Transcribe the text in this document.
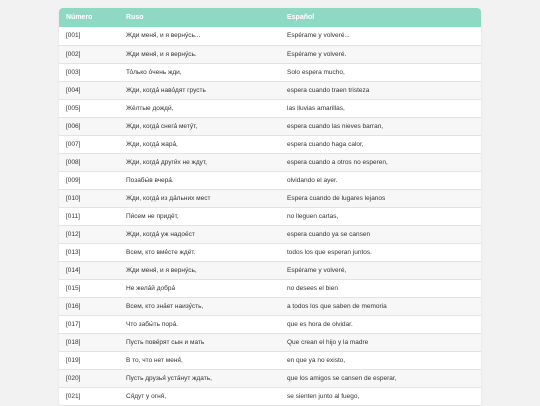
Número	Ruso	Español
[001]	Жди меня́, и я верну́сь...	Espérame y volveré...
[002]	Жди меня́, и я верну́сь.	Espérame y volveré.
[003]	То́лько о́чень жди,	Solo espera mucho,
[004]	Жди, когда́ наво́дят грусть	espera cuando traen tristeza
[005]	Жёлтые дожди́,	las lluvias amarillas,
[006]	Жди, когда́ снега́ мету́т,	espera cuando las nieves barran,
[007]	Жди, когда́ жара́,	espera cuando haga calor,
[008]	Жди, когда́ други́х не ждут,	espera cuando a otros no esperen,
[009]	Позабы́в вчера́.	olvidando el ayer.
[010]	Жди, когда́ из да́льних мест	Espera cuando de lugares lejanos
[011]	Пи́сем не придёт,	no lleguen cartas,
[012]	Жди, когда́ уж надое́ст	espera cuando ya se cansen
[013]	Всем, кто вме́сте ждёт.	todos los que esperan juntos.
[014]	Жди меня́, и я верну́сь,	Espérame y volveré,
[015]	Не жела́й добра́	no desees el bien
[016]	Всем, кто зна́ет наизу́сть,	a todos los que saben de memoria
[017]	Что забы́ть пора́.	que es hora de olvidar.
[018]	Пусть пове́рят сын и мать	Que crean el hijo y la madre
[019]	В то, что нет меня́,	en que ya no existo,
[020]	Пусть друзья́ уста́нут ждать,	que los amigos se cansen de esperar,
[021]	Ся́дут у огня́,	se sienten junto al fuego,
